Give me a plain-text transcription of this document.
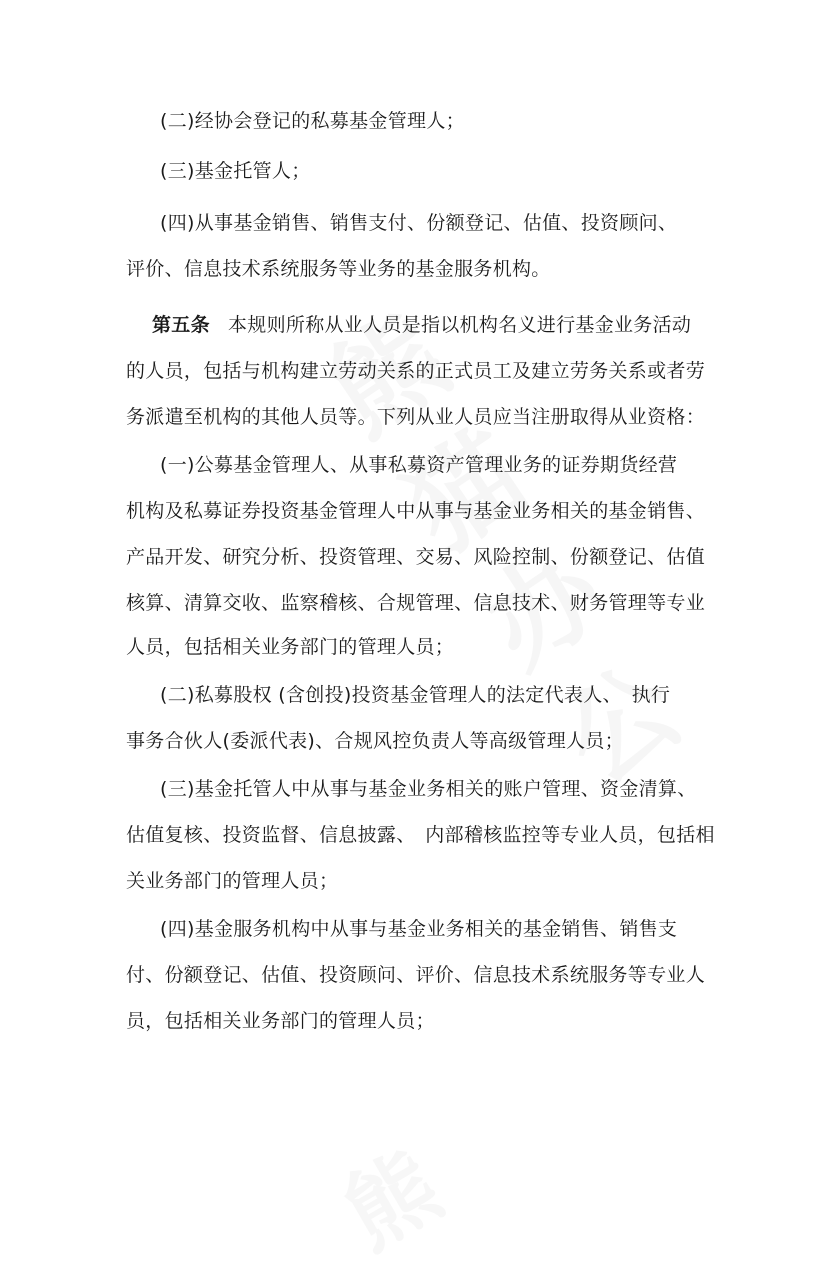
(二)经协会登记的私募基金管理人；
(三)基金托管人；
(四)从事基金销售、销售支付、份额登记、估值、投资顾问、
评价、信息技术系统服务等业务的基金服务机构。
第五条 本规则所称从业人员是指以机构名义进行基金业务活动
的人员，包括与机构建立劳动关系的正式员工及建立劳务关系或者劳
务派遣至机构的其他人员等。下列从业人员应当注册取得从业资格：
(一)公募基金管理人、从事私募资产管理业务的证券期货经营
机构及私募证券投资基金管理人中从事与基金业务相关的基金销售、
产品开发、研究分析、投资管理、交易、风险控制、份额登记、估值
核算、清算交收、监察稽核、合规管理、信息技术、财务管理等专业
人员，包括相关业务部门的管理人员；
(二)私募股权 (含创投)投资基金管理人的法定代表人、　执行
事务合伙人(委派代表)、合规风控负责人等高级管理人员；
(三)基金托管人中从事与基金业务相关的账户管理、资金清算、
估值复核、投资监督、信息披露、　内部稽核监控等专业人员，包括相
关业务部门的管理人员；
(四)基金服务机构中从事与基金业务相关的基金销售、销售支
付、份额登记、估值、投资顾问、评价、信息技术系统服务等专业人
员，包括相关业务部门的管理人员；
